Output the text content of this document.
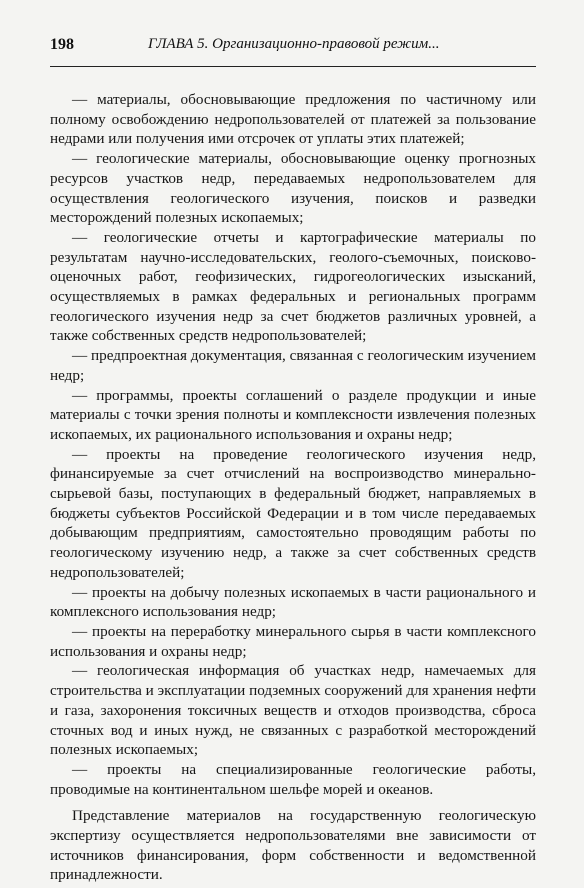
198	ГЛАВА 5. Организационно-правовой режим...

— материалы, обосновывающие предложения по частичному или полному освобождению недропользователей от платежей за пользование недрами или получения ими отсрочек от уплаты этих платежей;

— геологические материалы, обосновывающие оценку прогнозных ресурсов участков недр, передаваемых недропользователем для осуществления геологического изучения, поисков и разведки месторождений полезных ископаемых;

— геологические отчеты и картографические материалы по результатам научно-исследовательских, геолого-съемочных, поисково-оценочных работ, геофизических, гидрогеологических изысканий, осуществляемых в рамках федеральных и региональных программ геологического изучения недр за счет бюджетов различных уровней, а также собственных средств недропользователей;

— предпроектная документация, связанная с геологическим изучением недр;

— программы, проекты соглашений о разделе продукции и иные материалы с точки зрения полноты и комплексности извлечения полезных ископаемых, их рационального использования и охраны недр;

— проекты на проведение геологического изучения недр, финансируемые за счет отчислений на воспроизводство минерально-сырьевой базы, поступающих в федеральный бюджет, направляемых в бюджеты субъектов Российской Федерации и в том числе передаваемых добывающим предприятиям, самостоятельно проводящим работы по геологическому изучению недр, а также за счет собственных средств недропользователей;

— проекты на добычу полезных ископаемых в части рационального и комплексного использования недр;

— проекты на переработку минерального сырья в части комплексного использования и охраны недр;

— геологическая информация об участках недр, намечаемых для строительства и эксплуатации подземных сооружений для хранения нефти и газа, захоронения токсичных веществ и отходов производства, сброса сточных вод и иных нужд, не связанных с разработкой месторождений полезных ископаемых;

— проекты на специализированные геологические работы, проводимые на континентальном шельфе морей и океанов.

Представление материалов на государственную геологическую экспертизу осуществляется недропользователями вне зависимости от источников финансирования, форм собственности и ведомственной принадлежности.
